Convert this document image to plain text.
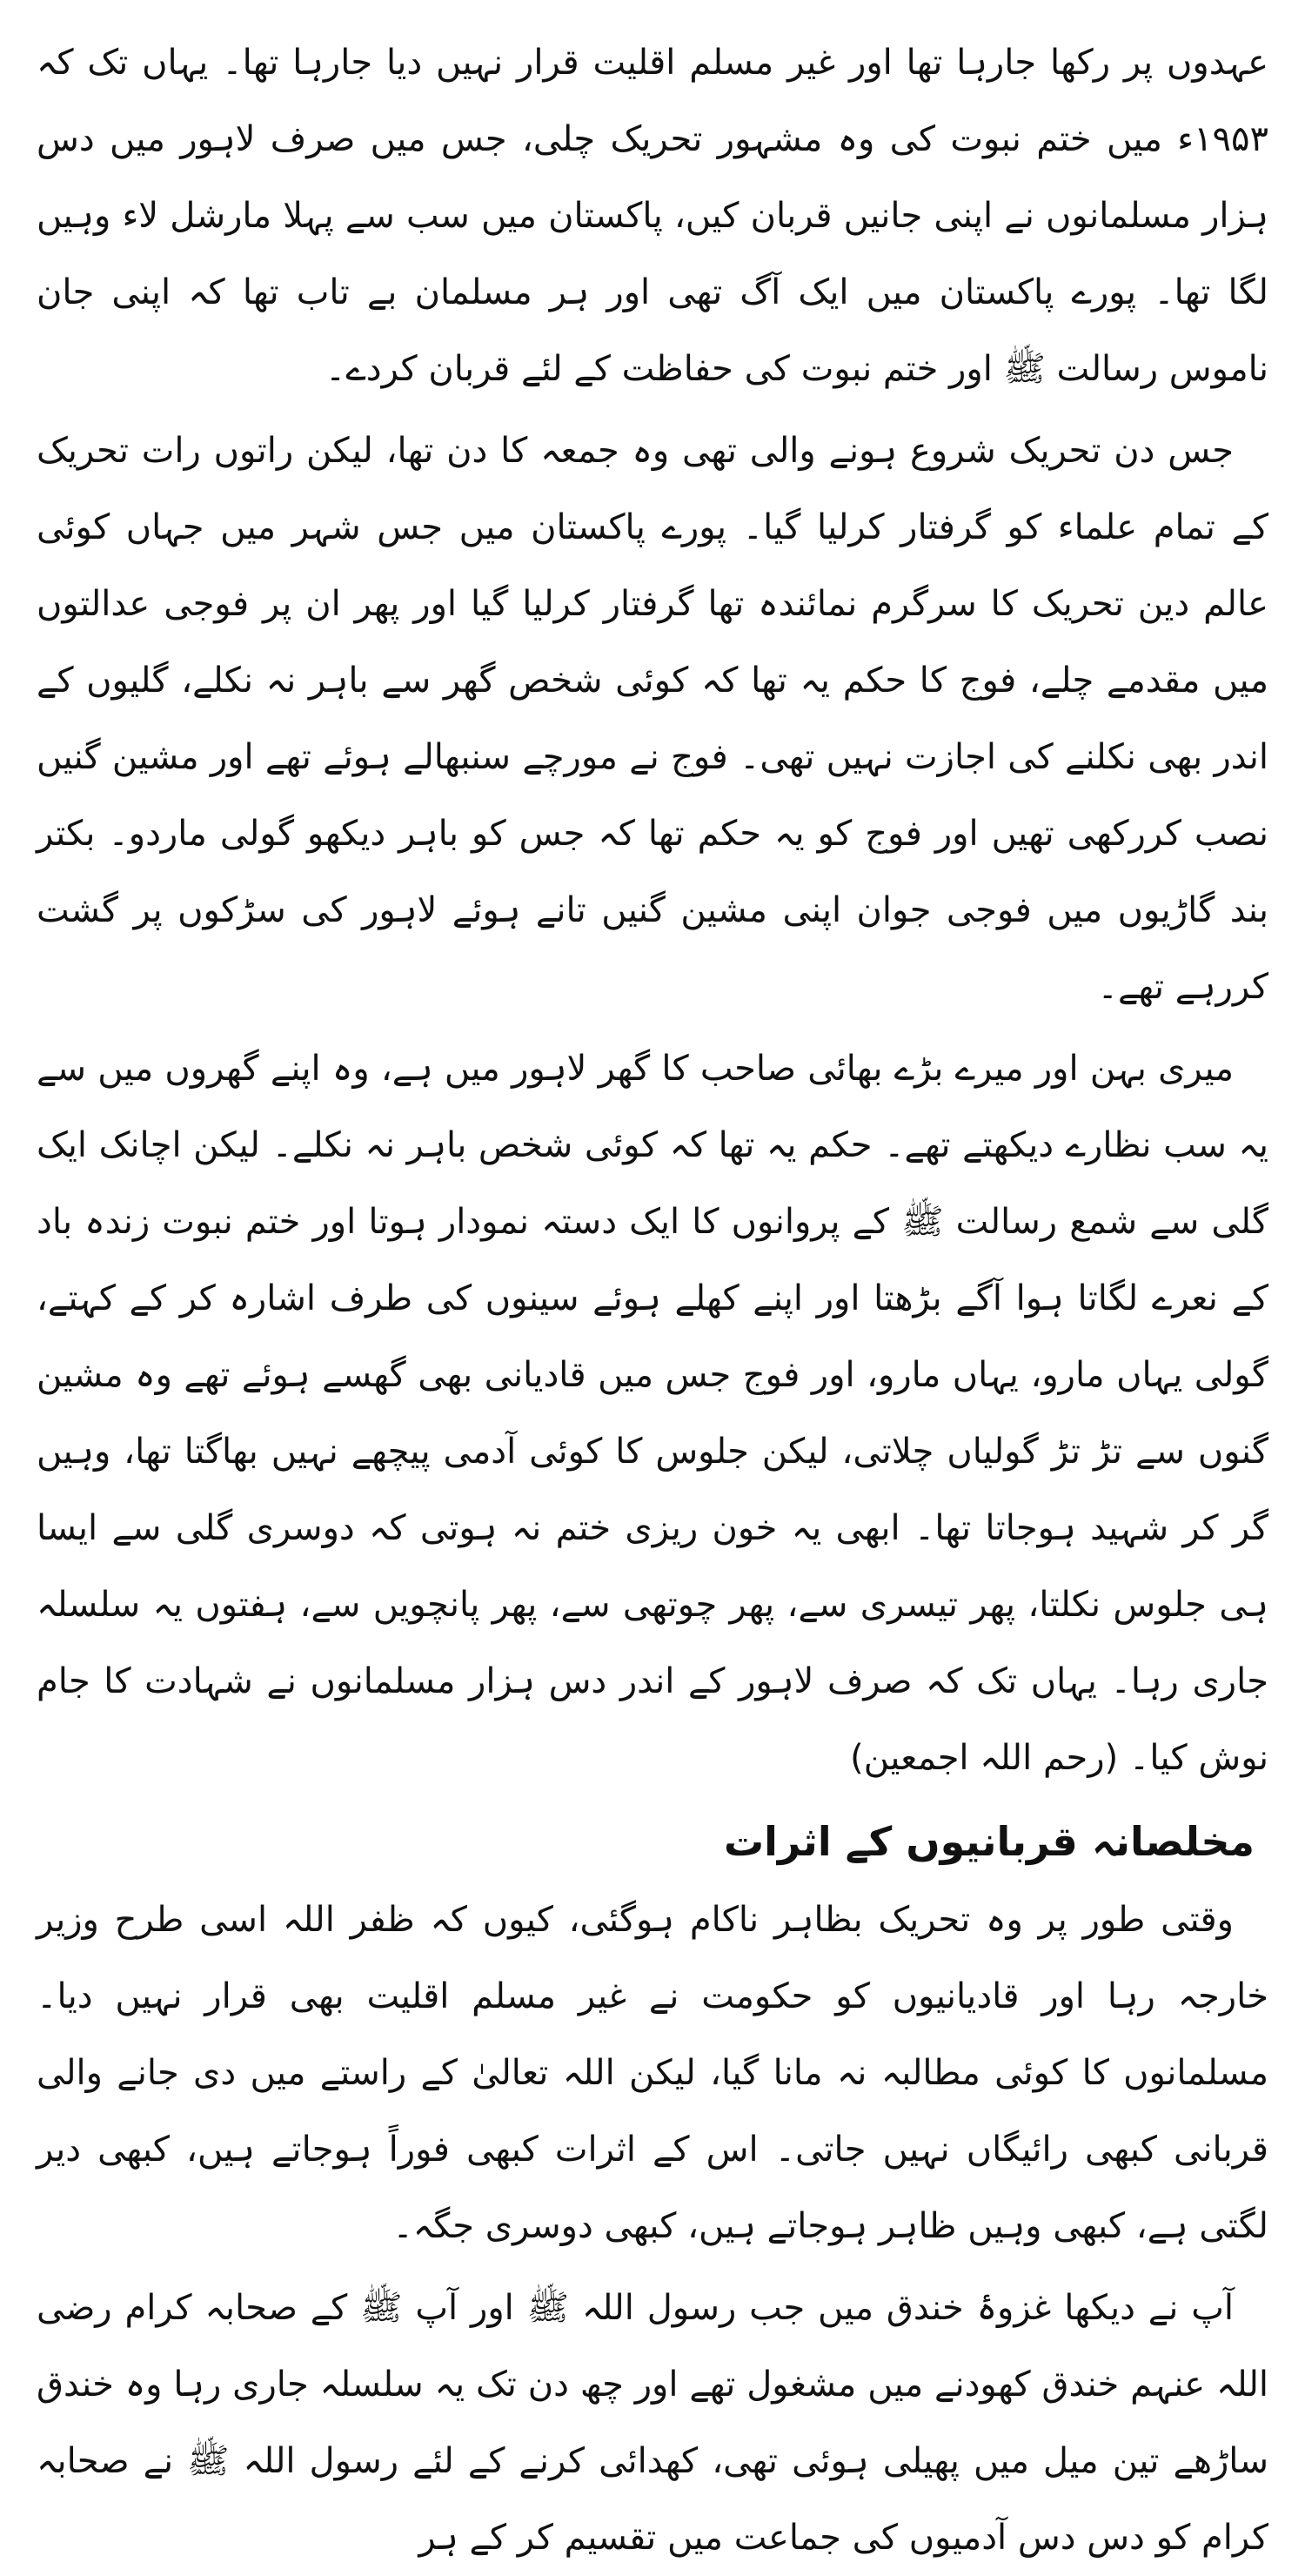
عہدوں پر رکھا جارہا تھا اور غیر مسلم اقلیت قرار نہیں دیا جارہا تھا۔ یہاں تک کہ ۱۹۵۳ء میں ختم نبوت کی وہ مشہور تحریک چلی، جس میں صرف لاہور میں دس ہزار مسلمانوں نے اپنی جانیں قربان کیں، پاکستان میں سب سے پہلا مارشل لاء وہیں لگا تھا۔ پورے پاکستان میں ایک آگ تھی اور ہر مسلمان بے تاب تھا کہ اپنی جان ناموس رسالت ﷺ اور ختم نبوت کی حفاظت کے لئے قربان کردے۔

جس دن تحریک شروع ہونے والی تھی وہ جمعہ کا دن تھا، لیکن راتوں رات تحریک کے تمام علماء کو گرفتار کرلیا گیا۔ پورے پاکستان میں جس شہر میں جہاں کوئی عالم دین تحریک کا سرگرم نمائندہ تھا گرفتار کرلیا گیا اور پھر ان پر فوجی عدالتوں میں مقدمے چلے، فوج کا حکم یہ تھا کہ کوئی شخص گھر سے باہر نہ نکلے، گلیوں کے اندر بھی نکلنے کی اجازت نہیں تھی۔ فوج نے مورچے سنبھالے ہوئے تھے اور مشین گنیں نصب کررکھی تھیں اور فوج کو یہ حکم تھا کہ جس کو باہر دیکھو گولی ماردو۔ بکتر بند گاڑیوں میں فوجی جوان اپنی مشین گنیں تانے ہوئے لاہور کی سڑکوں پر گشت کررہے تھے۔

میری بہن اور میرے بڑے بھائی صاحب کا گھر لاہور میں ہے، وہ اپنے گھروں میں سے یہ سب نظارے دیکھتے تھے۔ حکم یہ تھا کہ کوئی شخص باہر نہ نکلے۔ لیکن اچانک ایک گلی سے شمع رسالت ﷺ کے پروانوں کا ایک دستہ نمودار ہوتا اور ختم نبوت زندہ باد کے نعرے لگاتا ہوا آگے بڑھتا اور اپنے کھلے ہوئے سینوں کی طرف اشارہ کر کے کہتے، گولی یہاں مارو، یہاں مارو، اور فوج جس میں قادیانی بھی گھسے ہوئے تھے وہ مشین گنوں سے تڑ تڑ گولیاں چلاتی، لیکن جلوس کا کوئی آدمی پیچھے نہیں بھاگتا تھا، وہیں گر کر شہید ہوجاتا تھا۔ ابھی یہ خون ریزی ختم نہ ہوتی کہ دوسری گلی سے ایسا ہی جلوس نکلتا، پھر تیسری سے، پھر چوتھی سے، پھر پانچویں سے، ہفتوں یہ سلسلہ جاری رہا۔ یہاں تک کہ صرف لاہور کے اندر دس ہزار مسلمانوں نے شہادت کا جام نوش کیا۔ (رحم اللہ اجمعین)

مخلصانہ قربانیوں کے اثرات

وقتی طور پر وہ تحریک بظاہر ناکام ہوگئی، کیوں کہ ظفر اللہ اسی طرح وزیر خارجہ رہا اور قادیانیوں کو حکومت نے غیر مسلم اقلیت بھی قرار نہیں دیا۔ مسلمانوں کا کوئی مطالبہ نہ مانا گیا، لیکن اللہ تعالیٰ کے راستے میں دی جانے والی قربانی کبھی رائیگاں نہیں جاتی۔ اس کے اثرات کبھی فوراً ہوجاتے ہیں، کبھی دیر لگتی ہے، کبھی وہیں ظاہر ہوجاتے ہیں، کبھی دوسری جگہ۔

آپ نے دیکھا غزوۂ خندق میں جب رسول اللہ ﷺ اور آپ ﷺ کے صحابہ کرام رضی اللہ عنہم خندق کھودنے میں مشغول تھے اور چھ دن تک یہ سلسلہ جاری رہا وہ خندق ساڑھے تین میل میں پھیلی ہوئی تھی، کھدائی کرنے کے لئے رسول اللہ ﷺ نے صحابہ کرام کو دس دس آدمیوں کی جماعت میں تقسیم کر کے ہر
